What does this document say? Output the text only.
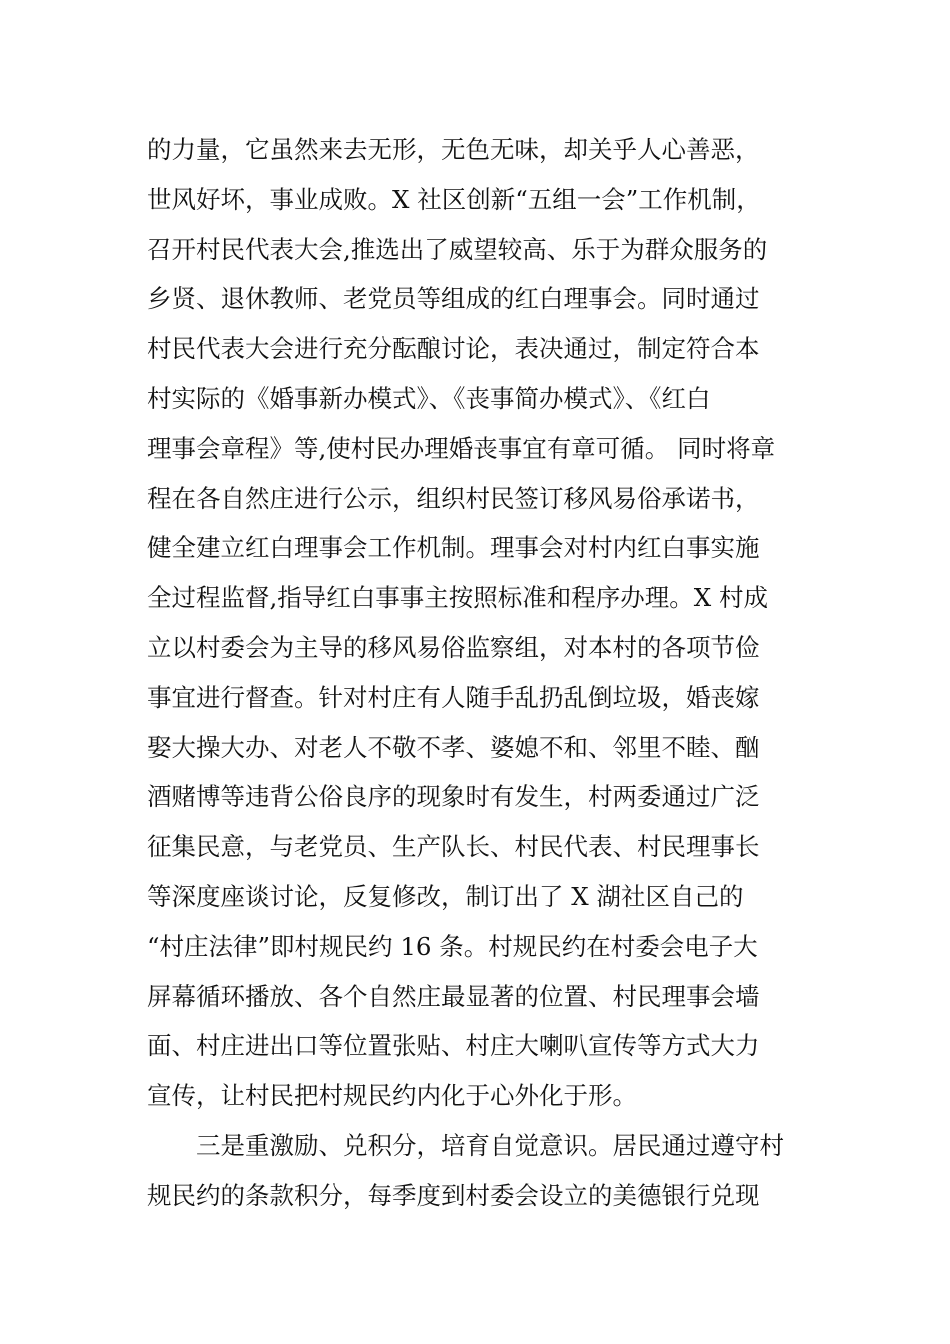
的力量，它虽然来去无形，无色无味，却关乎人心善恶，
世风好坏，事业成败。X 社区创新“五组一会”工作机制，
召开村民代表大会,推选出了威望较高、乐于为群众服务的
乡贤、退休教师、老党员等组成的红白理事会。同时通过
村民代表大会进行充分酝酿讨论，表决通过，制定符合本
村实际的《婚事新办模式》、《丧事简办模式》、《红白
理事会章程》等,使村民办理婚丧事宜有章可循。 同时将章
程在各自然庄进行公示，组织村民签订移风易俗承诺书，
健全建立红白理事会工作机制。理事会对村内红白事实施
全过程监督,指导红白事事主按照标准和程序办理。X 村成
立以村委会为主导的移风易俗监察组，对本村的各项节俭
事宜进行督查。针对村庄有人随手乱扔乱倒垃圾，婚丧嫁
娶大操大办、对老人不敬不孝、婆媳不和、邻里不睦、酗
酒赌博等违背公俗良序的现象时有发生，村两委通过广泛
征集民意，与老党员、生产队长、村民代表、村民理事长
等深度座谈讨论，反复修改，制订出了 X 湖社区自己的
“村庄法律”即村规民约 16 条。村规民约在村委会电子大
屏幕循环播放、各个自然庄最显著的位置、村民理事会墙
面、村庄进出口等位置张贴、村庄大喇叭宣传等方式大力
宣传，让村民把村规民约内化于心外化于形。
三是重激励、兑积分，培育自觉意识。居民通过遵守村
规民约的条款积分，每季度到村委会设立的美德银行兑现
